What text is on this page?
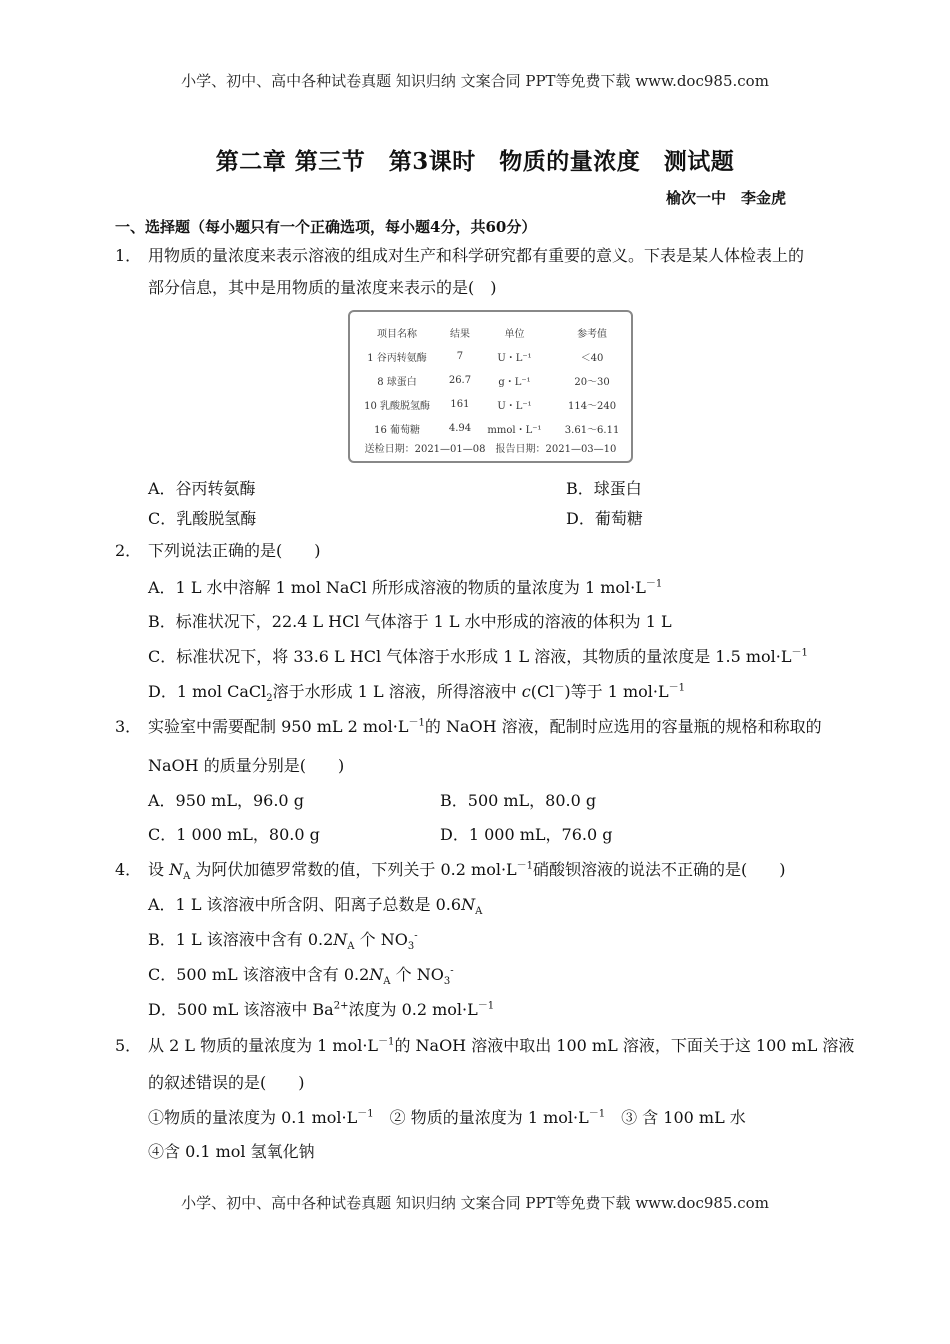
小学、初中、高中各种试卷真题 知识归纳 文案合同 PPT等免费下载 www.doc985.com
第二章 第三节　第3课时　物质的量浓度　测试题
榆次一中　李金虎
一、选择题（每小题只有一个正确选项，每小题4分，共60分）
1． 用物质的量浓度来表示溶液的组成对生产和科学研究都有重要的意义。下表是某人体检表上的
部分信息，其中是用物质的量浓度来表示的是(　)
项目名称	结果	单位	参考值
1 谷丙转氨酶	7	U・L⁻¹	＜40
8 球蛋白	26.7	g・L⁻¹	20～30
10 乳酸脱氢酶	161	U・L⁻¹	114～240
16 葡萄糖	4.94	mmol・L⁻¹	3.61～6.11
送检日期：2021—01—08　报告日期：2021—03—10
A．谷丙转氨酶	B．球蛋白
C．乳酸脱氢酶	D．葡萄糖
2． 下列说法正确的是(　　)
A．1 L 水中溶解 1 mol NaCl 所形成溶液的物质的量浓度为 1 $mol\cdot L^{-1}$
B．标准状况下，22.4 L HCl 气体溶于 1 L 水中形成的溶液的体积为 1 L
C．标准状况下，将 33.6 L HCl 气体溶于水形成 1 L 溶液，其物质的量浓度是 1.5 $mol\cdot L^{-1}$
D．1 mol CaCl$_2$溶于水形成 1 L 溶液，所得溶液中 c(Cl－)等于 1 $mol\cdot L^{-1}$
3． 实验室中需要配制 950 mL 2 $mol\cdot L^{-1}$的 NaOH 溶液，配制时应选用的容量瓶的规格和称取的
NaOH 的质量分别是(　　)
A．950 mL，96.0 g	B．500 mL，80.0 g
C．1 000 mL，80.0 g	D．1 000 mL，76.0 g
4． 设 $N_A$ 为阿伏加德罗常数的值，下列关于 0.2 $mol\cdot L^{-1}$硝酸钡溶液的说法不正确的是(　　)
A．1 L 该溶液中所含阴、阳离子总数是 $0.6N_A$
B．1 L 该溶液中含有 $0.2N_A$ 个 $NO_3^-$
C．500 mL 该溶液中含有 $0.2N_A$ 个 $NO_3^-$
D．500 mL 该溶液中 $Ba^{2+}$浓度为 0.2 $mol\cdot L^{-1}$
5． 从 2 L 物质的量浓度为 1 $mol\cdot L^{-1}$的 NaOH 溶液中取出 100 mL 溶液，下面关于这 100 mL 溶液
的叙述错误的是(　　)
①物质的量浓度为 0.1 $mol\cdot L^{-1}$　② 物质的量浓度为 1 $mol\cdot L^{-1}$　③ 含 100 mL 水
④含 0.1 mol 氢氧化钠
小学、初中、高中各种试卷真题 知识归纳 文案合同 PPT等免费下载 www.doc985.com
